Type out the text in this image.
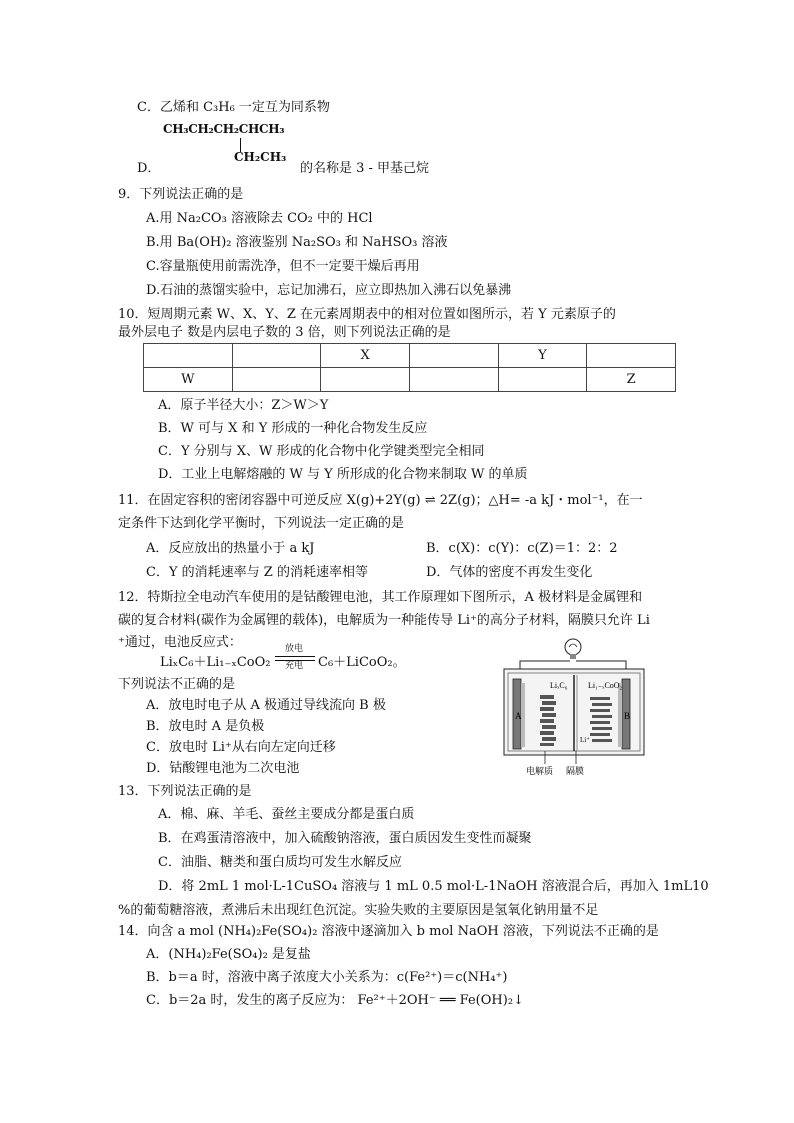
C．乙烯和 C₃H₆ 一定互为同系物
CH₃CH₂CH₂CHCH₃
CH₂CH₃
D．	的名称是 3 - 甲基己烷
9．下列说法正确的是
A.用 Na₂CO₃ 溶液除去 CO₂ 中的 HCl
B.用 Ba(OH)₂ 溶液鉴别 Na₂SO₃ 和 NaHSO₃ 溶液
C.容量瓶使用前需洗净，但不一定要干燥后再用
D.石油的蒸馏实验中，忘记加沸石，应立即热加入沸石以免暴沸
10．短周期元素 W、X、Y、Z 在元素周期表中的相对位置如图所示，若 Y 元素原子的
最外层电子 数是内层电子数的 3 倍，则下列说法正确的是
		X		Y	
W					Z
A．原子半径大小：Z＞W＞Y
B．W 可与 X 和 Y 形成的一种化合物发生反应
C．Y 分别与 X、W 形成的化合物中化学键类型完全相同
D．工业上电解熔融的 W 与 Y 所形成的化合物来制取 W 的单质
11．在固定容积的密闭容器中可逆反应 X(g)+2Y(g) ⇌ 2Z(g)；△H= -a kJ・mol⁻¹，在一
定条件下达到化学平衡时，下列说法一定正确的是
A．反应放出的热量小于 a kJ	B．c(X)：c(Y)：c(Z)＝1：2：2
C．Y 的消耗速率与 Z 的消耗速率相等	D．气体的密度不再发生变化
12．特斯拉全电动汽车使用的是钴酸锂电池，其工作原理如下图所示，A 极材料是金属锂和
碳的复合材料(碳作为金属锂的载体)，电解质为一种能传导 Li⁺的高分子材料，隔膜只允许 Li
⁺通过，电池反应式：
LiₓC₆＋Li₁₋ₓCoO₂
放电
充电 C₆＋LiCoO₂。
下列说法不正确的是
A．放电时电子从 A 极通过导线流向 B 极
B．放电时 A 是负极
C．放电时 Li⁺从右向左定向迁移
D．钴酸锂电池为二次电池
LiₓC₆	Li₁₋ₓCoO₂
A	B
Li⁺
电解质 隔膜
13．下列说法正确的是
A．棉、麻、羊毛、蚕丝主要成分都是蛋白质
B．在鸡蛋清溶液中，加入硫酸钠溶液，蛋白质因发生变性而凝聚
C．油脂、糖类和蛋白质均可发生水解反应
D．将 2mL 1 mol·L-1CuSO₄ 溶液与 1 mL 0.5 mol·L-1NaOH 溶液混合后，再加入 1mL10
%的葡萄糖溶液，煮沸后未出现红色沉淀。实验失败的主要原因是氢氧化钠用量不足
14．向含 a mol (NH₄)₂Fe(SO₄)₂ 溶液中逐滴加入 b mol NaOH 溶液，下列说法不正确的是
A．(NH₄)₂Fe(SO₄)₂ 是复盐
B．b＝a 时，溶液中离子浓度大小关系为：c(Fe²⁺)＝c(NH₄⁺)
C．b＝2a 时，发生的离子反应为： Fe²⁺＋2OH⁻ ══ Fe(OH)₂↓
